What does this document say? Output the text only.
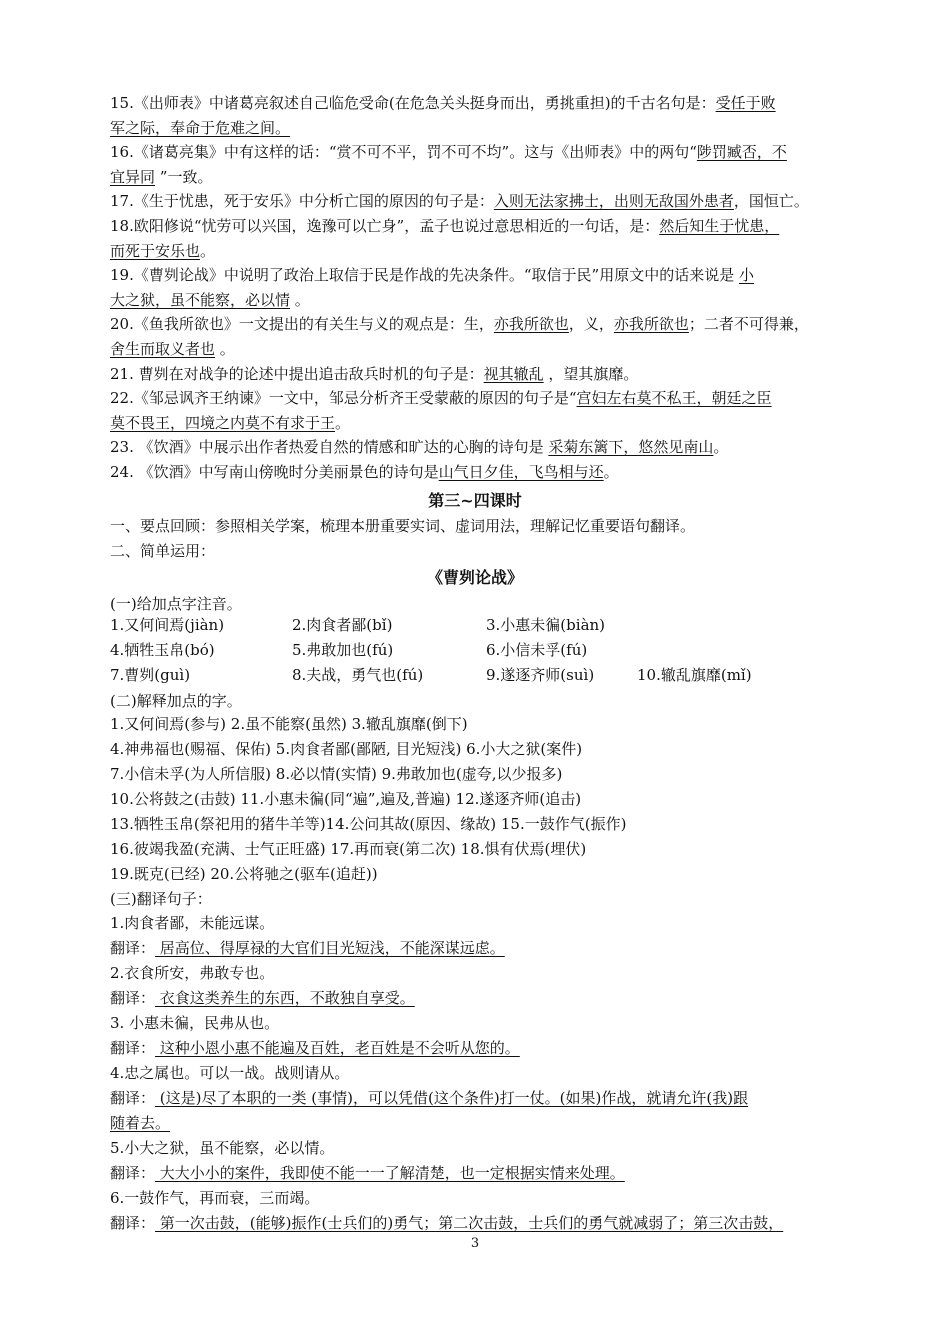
15.《出师表》中诸葛亮叙述自己临危受命(在危急关头挺身而出，勇挑重担)的千古名句是：受任于败
军之际，奉命于危难之间。
16.《诸葛亮集》中有这样的话：“赏不可不平，罚不可不均”。这与《出师表》中的两句“陟罚臧否，不
宜异同 ”一致。
17.《生于忧患，死于安乐》中分析亡国的原因的句子是：入则无法家拂士，出则无敌国外患者，国恒亡。
18.欧阳修说“忧劳可以兴国，逸豫可以亡身”，孟子也说过意思相近的一句话，是：然后知生于忧患，
而死于安乐也。
19.《曹刿论战》中说明了政治上取信于民是作战的先决条件。“取信于民”用原文中的话来说是 小
大之狱，虽不能察，必以情 。
20.《鱼我所欲也》一文提出的有关生与义的观点是：生，亦我所欲也，义，亦我所欲也；二者不可得兼，
舍生而取义者也 。
21. 曹刿在对战争的论述中提出追击敌兵时机的句子是：视其辙乱 ，望其旗靡。
22.《邹忌讽齐王纳谏》一文中，邹忌分析齐王受蒙蔽的原因的句子是“宫妇左右莫不私王，朝廷之臣
莫不畏王，四境之内莫不有求于王。
23. 《饮酒》中展示出作者热爱自然的情感和旷达的心胸的诗句是 采菊东篱下，悠然见南山。
24. 《饮酒》中写南山傍晚时分美丽景色的诗句是山气日夕佳，飞鸟相与还。
第三~四课时
一、要点回顾：参照相关学案，梳理本册重要实词、虚词用法，理解记忆重要语句翻译。
二、简单运用：
《曹刿论战》
(一)给加点字注音。
1.又何间焉(jiàn)	2.肉食者鄙(bǐ)	3.小惠未徧(biàn)
4.牺牲玉帛(bó)	5.弗敢加也(fú)	6.小信未孚(fú)
7.曹刿(guì)	8.夫战，勇气也(fú)	9.遂逐齐师(suì)	10.辙乱旗靡(mǐ)
(二)解释加点的字。
1.又何间焉(参与) 2.虽不能察(虽然) 3.辙乱旗靡(倒下)
4.神弗福也(赐福、保佑) 5.肉食者鄙(鄙陋, 目光短浅) 6.小大之狱(案件)
7.小信未孚(为人所信服) 8.必以情(实情) 9.弗敢加也(虚夸,以少报多)
10.公将鼓之(击鼓) 11.小惠未徧(同“遍”,遍及,普遍) 12.遂逐齐师(追击)
13.牺牲玉帛(祭祀用的猪牛羊等)14.公问其故(原因、缘故) 15.一鼓作气(振作)
16.彼竭我盈(充满、士气正旺盛) 17.再而衰(第二次) 18.惧有伏焉(埋伏)
19.既克(已经) 20.公将驰之(驱车(追赶))
(三)翻译句子：
1.肉食者鄙，未能远谋。
翻译： 居高位、得厚禄的大官们目光短浅，不能深谋远虑。
2.衣食所安，弗敢专也。
翻译： 衣食这类养生的东西，不敢独自享受。
3. 小惠未徧，民弗从也。
翻译： 这种小恩小惠不能遍及百姓，老百姓是不会听从您的。
4.忠之属也。可以一战。战则请从。
翻译： (这是)尽了本职的一类 (事情)，可以凭借(这个条件)打一仗。(如果)作战，就请允许(我)跟
随着去。
5.小大之狱，虽不能察，必以情。
翻译： 大大小小的案件，我即使不能一一了解清楚，也一定根据实情来处理。
6.一鼓作气，再而衰，三而竭。
翻译： 第一次击鼓，(能够)振作(士兵们的)勇气；第二次击鼓，士兵们的勇气就减弱了；第三次击鼓，
3
